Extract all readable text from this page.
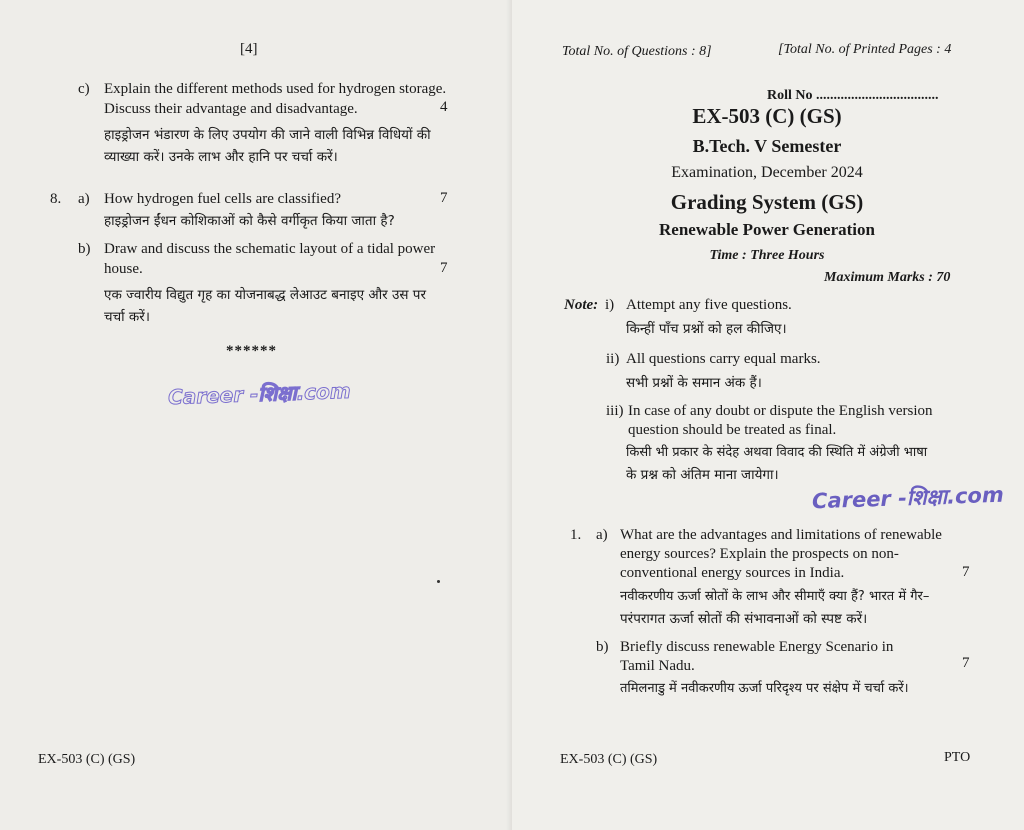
[4]
c) Explain the different methods used for hydrogen storage.
Discuss their advantage and disadvantage.	4
हाइड्रोजन भंडारण के लिए उपयोग की जाने वाली विभिन्न विधियों की
व्याख्या करें। उनके लाभ और हानि पर चर्चा करें।
8. a) How hydrogen fuel cells are classified?	7
हाइड्रोजन ईंधन कोशिकाओं को कैसे वर्गीकृत किया जाता है?
b) Draw and discuss the schematic layout of a tidal power
house.	7
एक ज्वारीय विद्युत गृह का योजनाबद्ध लेआउट बनाइए और उस पर
चर्चा करें।
******
Career -शिक्षा.com
EX-503 (C) (GS)
Total No. of Questions : 8]	[Total No. of Printed Pages : 4
Roll No ...................................
EX-503 (C) (GS)
B.Tech. V Semester
Examination, December 2024
Grading System (GS)
Renewable Power Generation
Time : Three Hours
Maximum Marks : 70
Note: i) Attempt any five questions.
किन्हीं पाँच प्रश्नों को हल कीजिए।
ii) All questions carry equal marks.
सभी प्रश्नों के समान अंक हैं।
iii) In case of any doubt or dispute the English version
question should be treated as final.
किसी भी प्रकार के संदेह अथवा विवाद की स्थिति में अंग्रेजी भाषा
के प्रश्न को अंतिम माना जायेगा।
Career -शिक्षा.com
1. a) What are the advantages and limitations of renewable
energy sources? Explain the prospects on non-
conventional energy sources in India.	7
नवीकरणीय ऊर्जा स्रोतों के लाभ और सीमाएँ क्या हैं? भारत में गैर–
परंपरागत ऊर्जा स्रोतों की संभावनाओं को स्पष्ट करें।
b) Briefly discuss renewable Energy Scenario in
Tamil Nadu.	7
तमिलनाडु में नवीकरणीय ऊर्जा परिदृश्य पर संक्षेप में चर्चा करें।
EX-503 (C) (GS)	PTO
